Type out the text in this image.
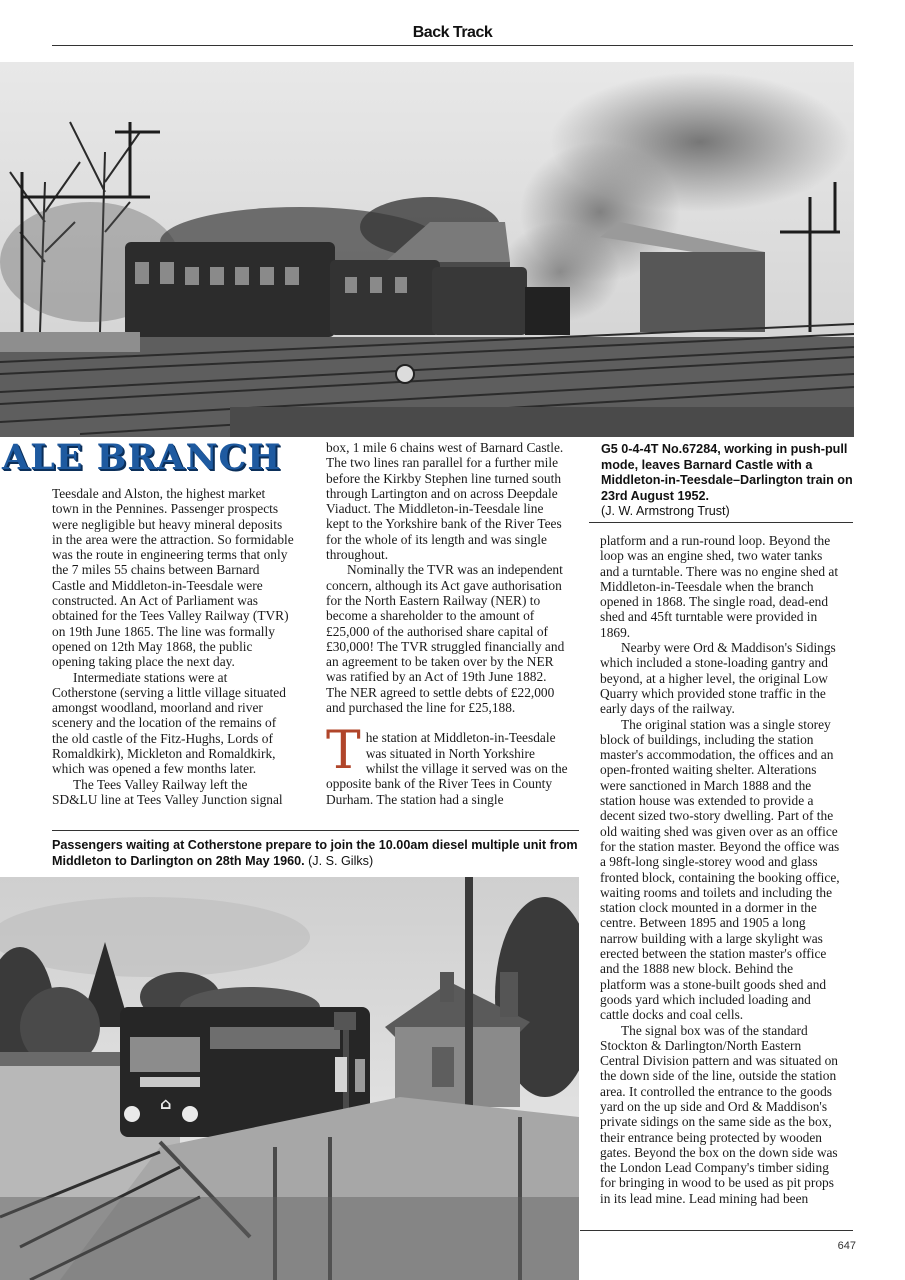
Back Track
G5 0-4-4T No.67284, working in push-pull mode, leaves Barnard Castle with a Middleton-in-Teesdale–Darlington train on 23rd August 1952.
(J. W. Armstrong Trust)
ALE BRANCH

Teesdale and Alston, the highest market town in the Pennines. Passenger prospects were negligible but heavy mineral deposits in the area were the attraction. So formidable was the route in engineering terms that only the 7 miles 55 chains between Barnard Castle and Middleton-in-Teesdale were constructed. An Act of Parliament was obtained for the Tees Valley Railway (TVR) on 19th June 1865. The line was formally opened on 12th May 1868, the public opening taking place the next day.

Intermediate stations were at Cotherstone (serving a little village situated amongst woodland, moorland and river scenery and the location of the remains of the old castle of the Fitz-Hughs, Lords of Romaldkirk), Mickleton and Romaldkirk, which was opened a few months later.

The Tees Valley Railway left the SD&LU line at Tees Valley Junction signal

box, 1 mile 6 chains west of Barnard Castle. The two lines ran parallel for a further mile before the Kirkby Stephen line turned south through Lartington and on across Deepdale Viaduct. The Middleton-in-Teesdale line kept to the Yorkshire bank of the River Tees for the whole of its length and was single throughout.

Nominally the TVR was an independent concern, although its Act gave authorisation for the North Eastern Railway (NER) to become a shareholder to the amount of £25,000 of the authorised share capital of £30,000! The TVR struggled financially and an agreement to be taken over by the NER was ratified by an Act of 19th June 1882. The NER agreed to settle debts of £22,000 and purchased the line for £25,188.

The station at Middleton-in-Teesdale was situated in North Yorkshire whilst the village it served was on the opposite bank of the River Tees in County Durham. The station had a single

platform and a run-round loop. Beyond the loop was an engine shed, two water tanks and a turntable. There was no engine shed at Middleton-in-Teesdale when the branch opened in 1868. The single road, dead-end shed and 45ft turntable were provided in 1869.

Nearby were Ord & Maddison's Sidings which included a stone-loading gantry and beyond, at a higher level, the original Low Quarry which provided stone traffic in the early days of the railway.

The original station was a single storey block of buildings, including the station master's accommodation, the offices and an open-fronted waiting shelter. Alterations were sanctioned in March 1888 and the station house was extended to provide a decent sized two-story dwelling. Part of the old waiting shed was given over as an office for the station master. Beyond the office was a 98ft-long single-storey wood and glass fronted block, containing the booking office, waiting rooms and toilets and including the station clock mounted in a dormer in the centre. Between 1895 and 1905 a long narrow building with a large skylight was erected between the station master's office and the 1888 new block. Behind the platform was a stone-built goods shed and goods yard which included loading and cattle docks and coal cells.

The signal box was of the standard Stockton & Darlington/North Eastern Central Division pattern and was situated on the down side of the line, outside the station area. It controlled the entrance to the goods yard on the up side and Ord & Maddison's private sidings on the same side as the box, their entrance being protected by wooden gates. Beyond the box on the down side was the London Lead Company's timber siding for bringing in wood to be used as pit props in its lead mine. Lead mining had been

Passengers waiting at Cotherstone prepare to join the 10.00am diesel multiple unit from Middleton to Darlington on 28th May 1960. (J. S. Gilks)
⌂
647
